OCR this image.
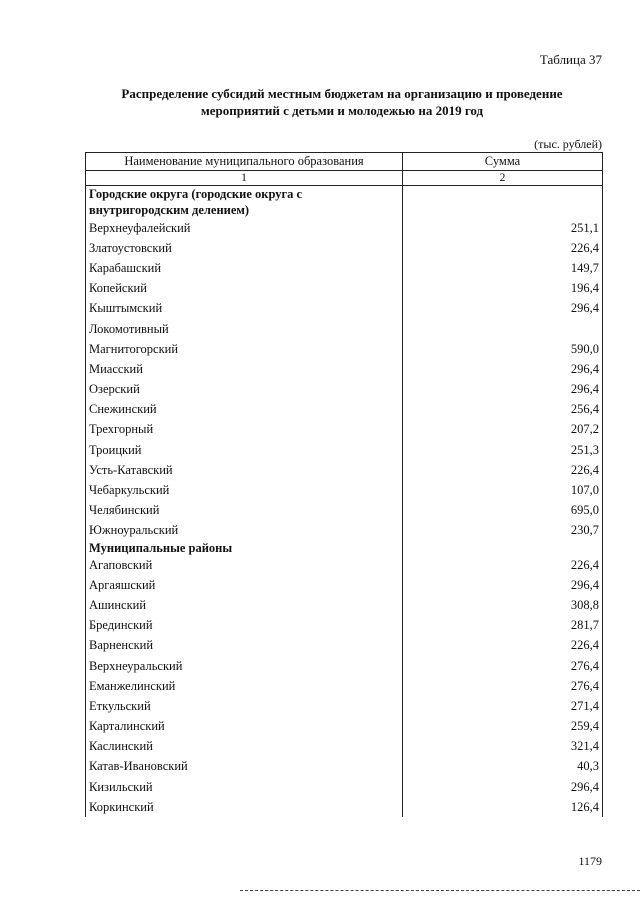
Таблица 37
Распределение субсидий местным бюджетам на организацию и проведение мероприятий с детьми и молодежью на 2019 год
(тыс. рублей)
Наименование муниципального образования	Сумма
1	2
Городские округа (городские округа с внутригородским делением)	
Верхнеуфалейский	251,1
Златоустовский	226,4
Карабашский	149,7
Копейский	196,4
Кыштымский	296,4
Локомотивный	
Магнитогорский	590,0
Миасский	296,4
Озерский	296,4
Снежинский	256,4
Трехгорный	207,2
Троицкий	251,3
Усть-Катавский	226,4
Чебаркульский	107,0
Челябинский	695,0
Южноуральский	230,7
Муниципальные районы	
Агаповский	226,4
Аргаяшский	296,4
Ашинский	308,8
Брединский	281,7
Варненский	226,4
Верхнеуральский	276,4
Еманжелинский	276,4
Еткульский	271,4
Карталинский	259,4
Каслинский	321,4
Катав-Ивановский	40,3
Кизильский	296,4
Коркинский	126,4
1179
